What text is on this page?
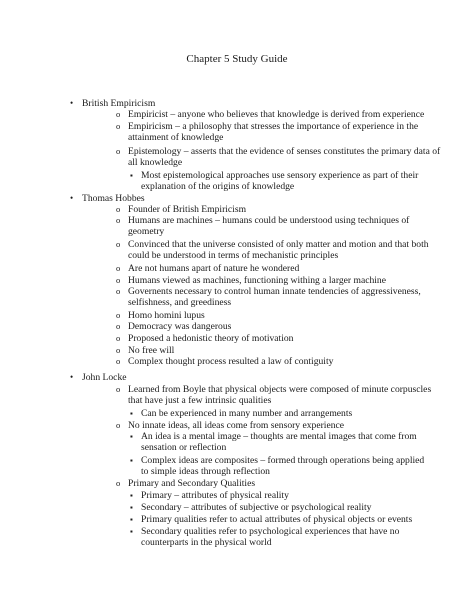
Chapter 5 Study Guide
• British Empiricism
o Empiricist – anyone who believes that knowledge is derived from experience
o Empiricism – a philosophy that stresses the importance of experience in the attainment of knowledge
o Epistemology – asserts that the evidence of senses constitutes the primary data of all knowledge
▪ Most epistemological approaches use sensory experience as part of their explanation of the origins of knowledge
• Thomas Hobbes
o Founder of British Empiricism
o Humans are machines – humans could be understood using techniques of geometry
o Convinced that the universe consisted of only matter and motion and that both could be understood in terms of mechanistic principles
o Are not humans apart of nature he wondered
o Humans viewed as machines, functioning withing a larger machine
o Governents necessary to control human innate tendencies of aggressiveness, selfishness, and greediness
o Homo homini lupus
o Democracy was dangerous
o Proposed a hedonistic theory of motivation
o No free will
o Complex thought process resulted a law of contiguity
• John Locke
o Learned from Boyle that physical objects were composed of minute corpuscles that have just a few intrinsic qualities
▪ Can be experienced in many number and arrangements
o No innate ideas, all ideas come from sensory experience
▪ An idea is a mental image – thoughts are mental images that come from sensation or reflection
▪ Complex ideas are composites – formed through operations being applied to simple ideas through reflection
o Primary and Secondary Qualities
▪ Primary – attributes of physical reality
▪ Secondary – attributes of subjective or psychological reality
▪ Primary qualities refer to actual attributes of physical objects or events
▪ Secondary qualities refer to psychological experiences that have no counterparts in the physical world
